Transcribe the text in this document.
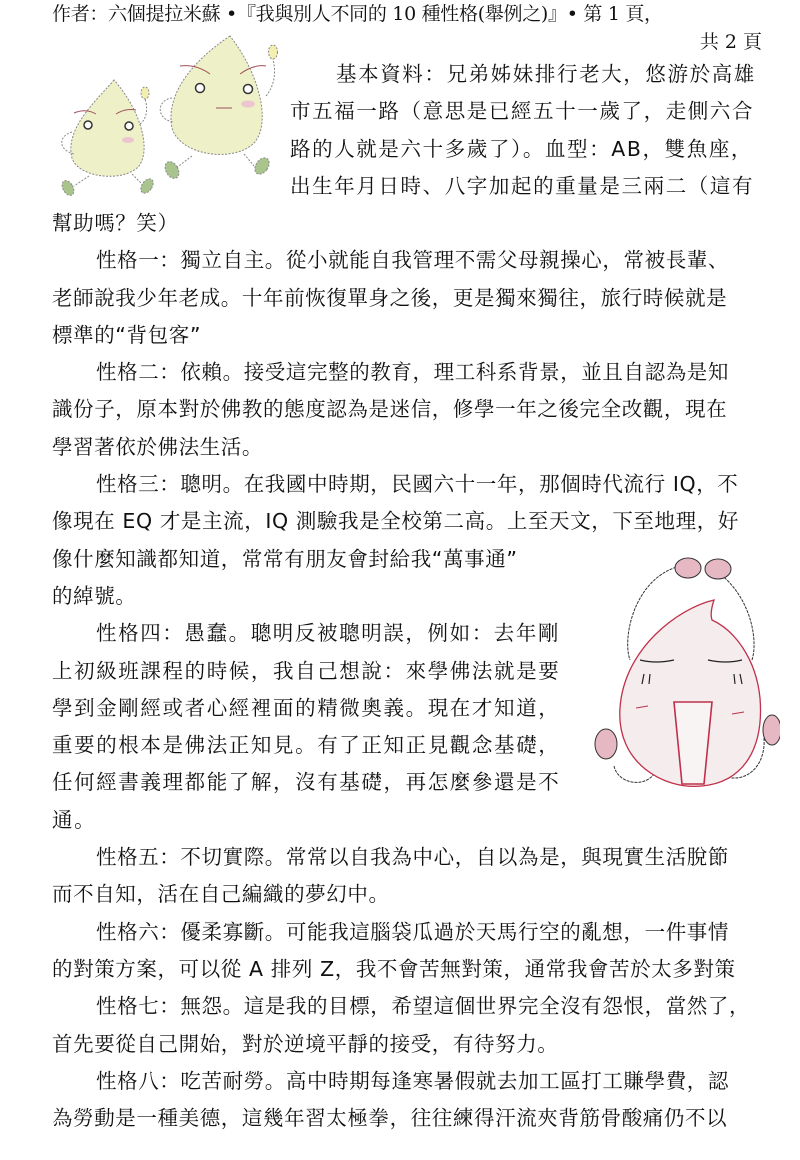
作者：六個提拉米蘇 •『我與別人不同的 10 種性格(舉例之)』• 第 1 頁，
共 2 頁
基本資料：兄弟姊妹排行老大，悠游於高雄
市五福一路（意思是已經五十一歲了，走側六合
路的人就是六十多歲了）。血型：AB，雙魚座，
出生年月日時、八字加起的重量是三兩二（這有
幫助嗎？笑）
性格一：獨立自主。從小就能自我管理不需父母親操心，常被長輩、
老師說我少年老成。十年前恢復單身之後，更是獨來獨往，旅行時候就是
標準的“背包客”
性格二：依賴。接受這完整的教育，理工科系背景，並且自認為是知
識份子，原本對於佛教的態度認為是迷信，修學一年之後完全改觀，現在
學習著依於佛法生活。
性格三：聰明。在我國中時期，民國六十一年，那個時代流行 IQ，不
像現在 EQ 才是主流，IQ 測驗我是全校第二高。上至天文，下至地理，好
像什麼知識都知道，常常有朋友會封給我“萬事通”
的綽號。
性格四：愚蠢。聰明反被聰明誤，例如：去年剛
上初級班課程的時候，我自己想說：來學佛法就是要
學到金剛經或者心經裡面的精微奧義。現在才知道，
重要的根本是佛法正知見。有了正知正見觀念基礎，
任何經書義理都能了解，沒有基礎，再怎麼參還是不
通。
性格五：不切實際。常常以自我為中心，自以為是，與現實生活脫節
而不自知，活在自己編織的夢幻中。
性格六：優柔寡斷。可能我這腦袋瓜過於天馬行空的亂想，一件事情
的對策方案，可以從 A 排列 Z，我不會苦無對策，通常我會苦於太多對策
性格七：無怨。這是我的目標，希望這個世界完全沒有怨恨，當然了，
首先要從自己開始，對於逆境平靜的接受，有待努力。
性格八：吃苦耐勞。高中時期每逢寒暑假就去加工區打工賺學費，認
為勞動是一種美德，這幾年習太極拳，往往練得汗流夾背筋骨酸痛仍不以
